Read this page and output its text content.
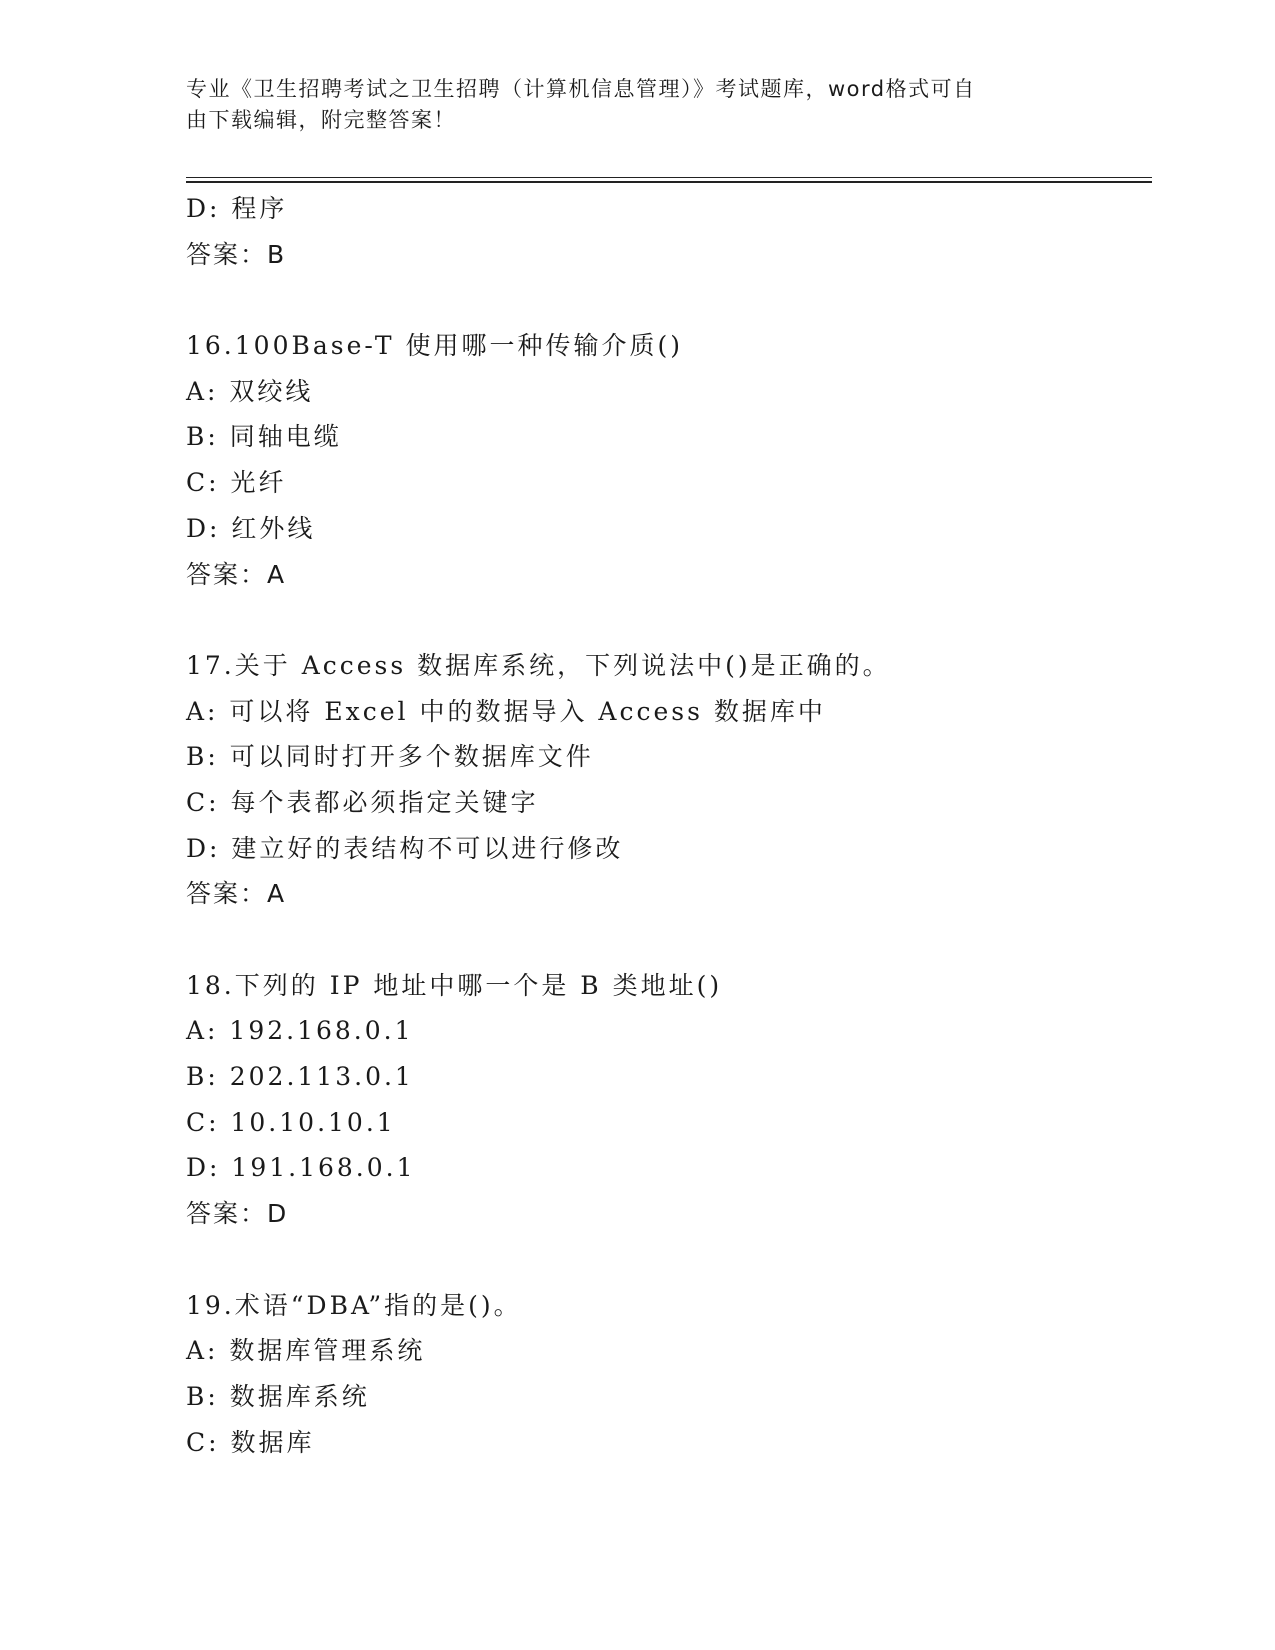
专业《卫生招聘考试之卫生招聘（计算机信息管理）》考试题库，word格式可自
由下载编辑，附完整答案！
D: 程序
答案：B
16.100Base-T 使用哪一种传输介质()
A: 双绞线
B: 同轴电缆
C: 光纤
D: 红外线
答案：A
17.关于 Access 数据库系统，下列说法中()是正确的。
A: 可以将 Excel 中的数据导入 Access 数据库中
B: 可以同时打开多个数据库文件
C: 每个表都必须指定关键字
D: 建立好的表结构不可以进行修改
答案：A
18.下列的 IP 地址中哪一个是 B 类地址()
A: 192.168.0.1
B: 202.113.0.1
C: 10.10.10.1
D: 191.168.0.1
答案：D
19.术语“DBA”指的是()。
A: 数据库管理系统
B: 数据库系统
C: 数据库
